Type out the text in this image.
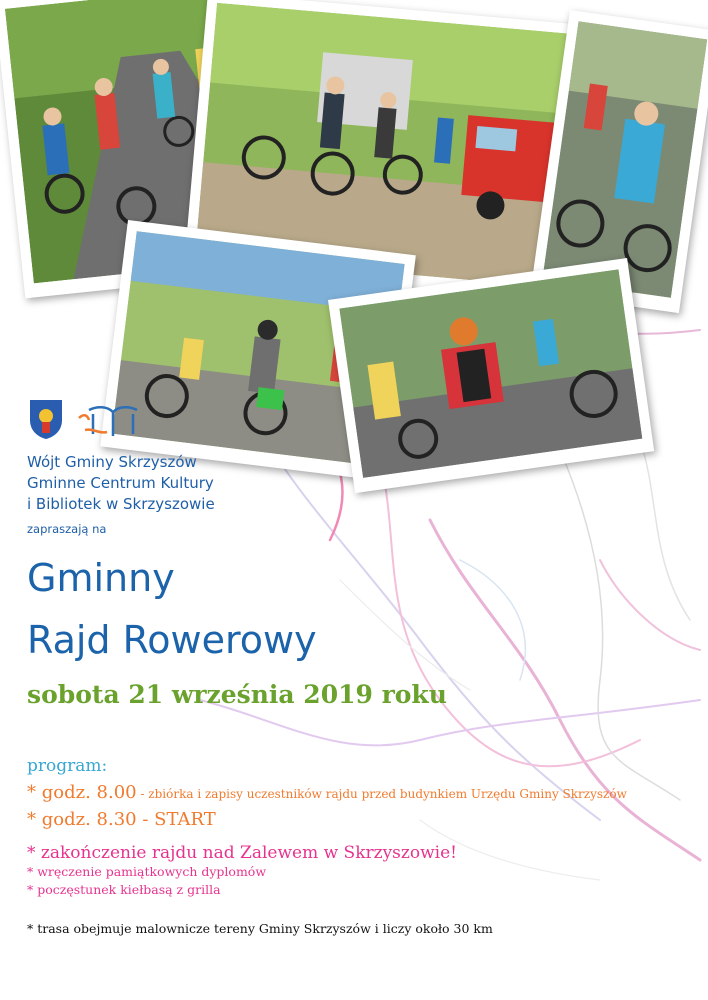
Wójt Gminy Skrzyszów
Gminne Centrum Kultury
i Bibliotek w Skrzyszowie
zapraszają na
Gminny
Rajd Rowerowy
sobota 21 września 2019 roku
program:
* godz. 8.00 - zbiórka i zapisy uczestników rajdu przed budynkiem Urzędu Gminy Skrzyszów
* godz. 8.30 - START
* zakończenie rajdu nad Zalewem w Skrzyszowie!
* wręczenie pamiątkowych dyplomów
* poczęstunek kiełbasą z grilla
* trasa obejmuje malownicze tereny Gminy Skrzyszów i liczy około 30 km
